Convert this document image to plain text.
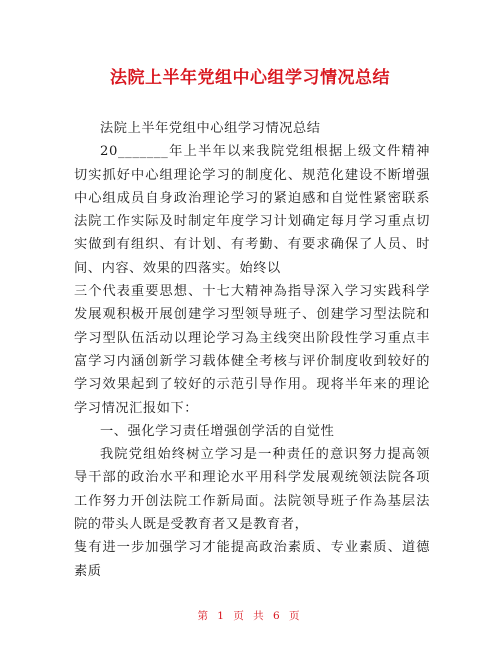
法院上半年党组中心组学习情况总结

法院上半年党组中心组学习情况总结

20_______年上半年以来我院党组根据上级文件精神切实抓好中心组理论学习的制度化、规范化建设不断增强中心组成员自身政治理论学习的紧迫感和自觉性紧密联系法院工作实际及时制定年度学习计划确定每月学习重点切实做到有组织、有计划、有考勤、有要求确保了人员、时间、内容、效果的四落实。始终以

三个代表重要思想、十七大精神為指导深入学习实践科学发展观积极开展创建学习型领导班子、创建学习型法院和学习型队伍活动以理论学习為主线突出阶段性学习重点丰富学习内涵创新学习载体健全考核与评价制度收到较好的学习效果起到了较好的示范引导作用。现将半年来的理论学习情况汇报如下：

一、强化学习责任增强创学活的自觉性

我院党组始终树立学习是一种责任的意识努力提高领导干部的政治水平和理论水平用科学发展观统领法院各项工作努力开创法院工作新局面。法院领导班子作為基层法院的带头人既是受教育者又是教育者，

隻有进一步加强学习才能提高政治素质、专业素质、道德素质

第 1 页 共 6 页
